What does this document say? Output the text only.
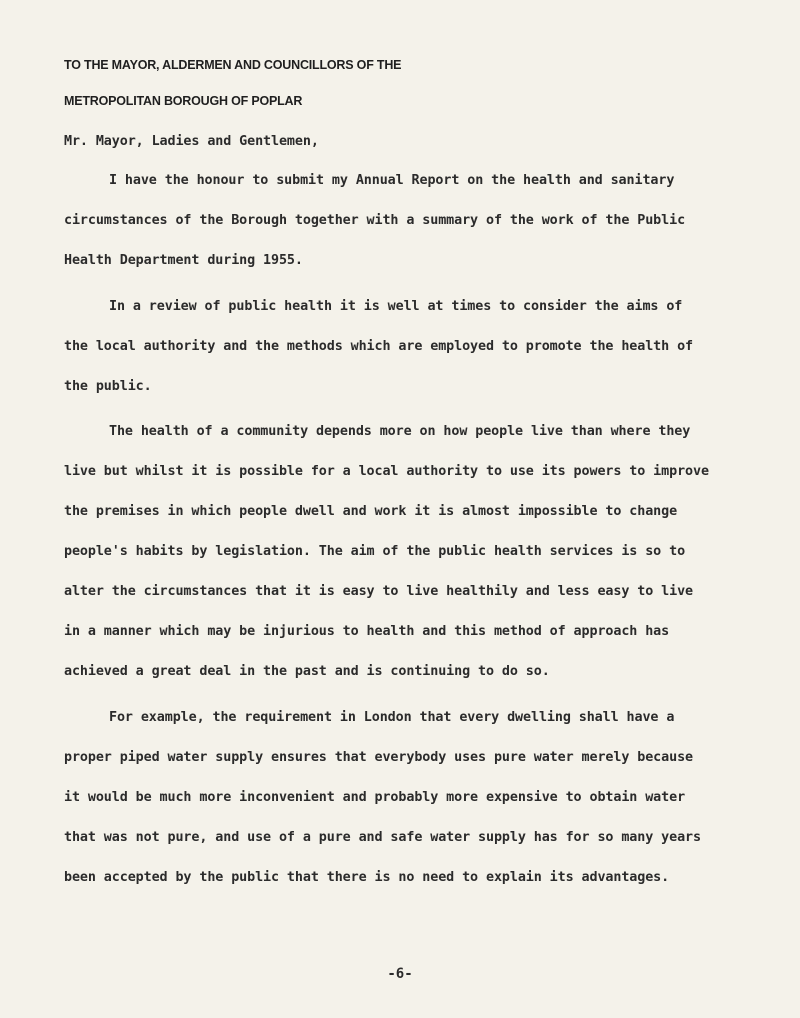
TO THE MAYOR, ALDERMEN AND COUNCILLORS OF THE
METROPOLITAN BOROUGH OF POPLAR
Mr. Mayor, Ladies and Gentlemen,
I have the honour to submit my Annual Report on the health and sanitary
circumstances of the Borough together with a summary of the work of the Public
Health Department during 1955.
In a review of public health it is well at times to consider the aims of
the local authority and the methods which are employed to promote the health of
the public.
The health of a community depends more on how people live than where they
live but whilst it is possible for a local authority to use its powers to improve
the premises in which people dwell and work it is almost impossible to change
people's habits by legislation. The aim of the public health services is so to
alter the circumstances that it is easy to live healthily and less easy to live
in a manner which may be injurious to health and this method of approach has
achieved a great deal in the past and is continuing to do so.
For example, the requirement in London that every dwelling shall have a
proper piped water supply ensures that everybody uses pure water merely because
it would be much more inconvenient and probably more expensive to obtain water
that was not pure, and use of a pure and safe water supply has for so many years
been accepted by the public that there is no need to explain its advantages.
-6-
